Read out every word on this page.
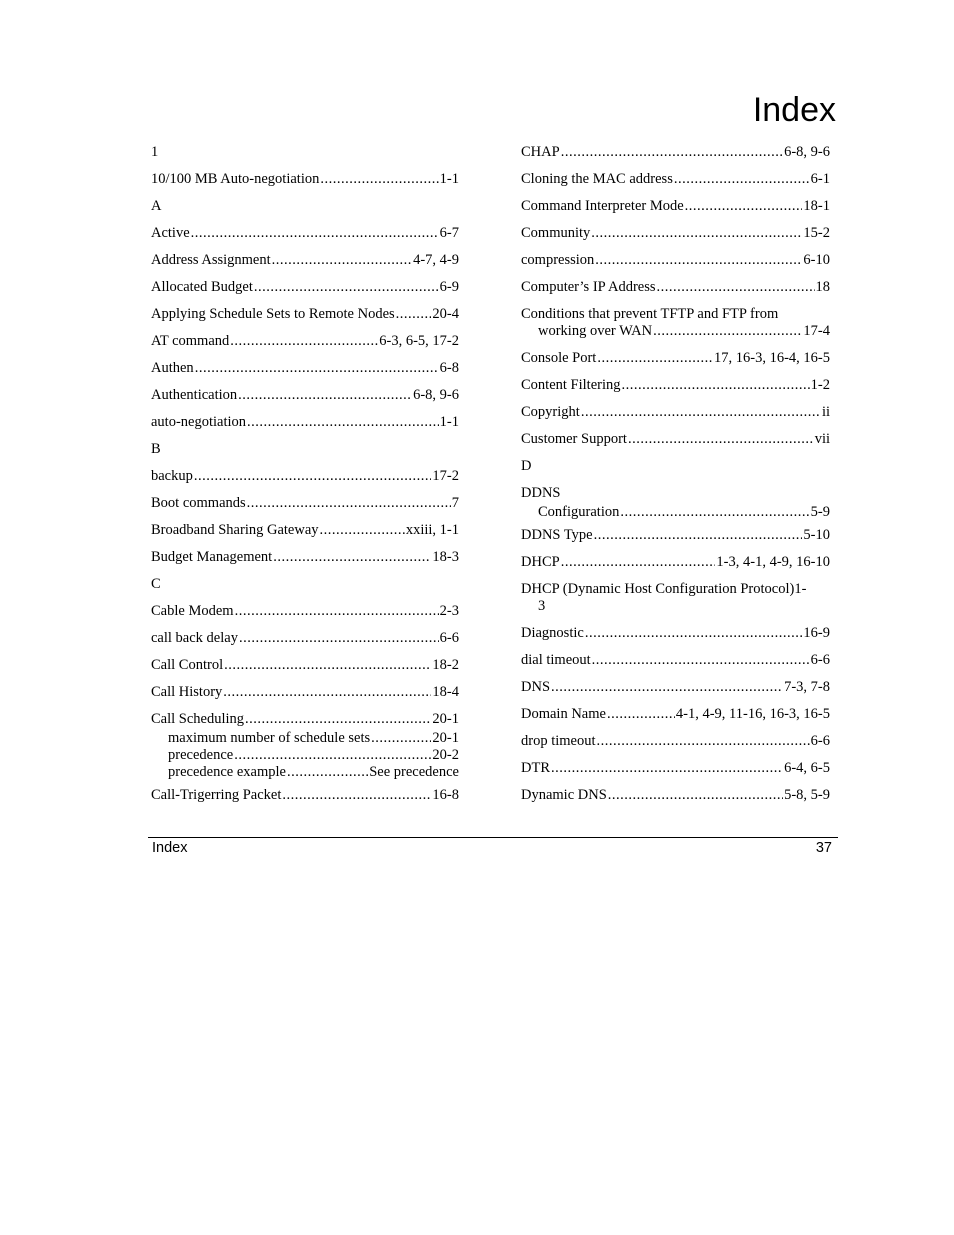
Index
1
10/100 MB Auto-negotiation .....	1-1
A
Active .....	6-7
Address Assignment .....	4-7, 4-9
Allocated Budget .....	6-9
Applying Schedule Sets to Remote Nodes .....	20-4
AT command .....	6-3, 6-5, 17-2
Authen .....	6-8
Authentication .....	6-8, 9-6
auto-negotiation .....	1-1
B
backup .....	17-2
Boot commands .....	7
Broadband Sharing Gateway .....	xxiii, 1-1
Budget Management .....	18-3
C
Cable Modem .....	2-3
call back delay .....	6-6
Call Control .....	18-2
Call History .....	18-4
Call Scheduling .....	20-1
maximum number of schedule sets .....	20-1
precedence .....	20-2
precedence example .....	See precedence
Call-Trigerring Packet .....	16-8
CHAP .....	6-8, 9-6
Cloning the MAC address .....	6-1
Command Interpreter Mode .....	18-1
Community .....	15-2
compression .....	6-10
Computer’s IP Address .....	18
Conditions that prevent TFTP and FTP from
working over WAN .....	17-4
Console Port .....	17, 16-3, 16-4, 16-5
Content Filtering .....	1-2
Copyright .....	ii
Customer Support .....	vii
D
DDNS
Configuration .....	5-9
DDNS Type .....	5-10
DHCP .....	1-3, 4-1, 4-9, 16-10
DHCP (Dynamic Host Configuration Protocol)1-
3
Diagnostic .....	16-9
dial timeout .....	6-6
DNS .....	7-3, 7-8
Domain Name .....	4-1, 4-9, 11-16, 16-3, 16-5
drop timeout .....	6-6
DTR .....	6-4, 6-5
Dynamic DNS .....	5-8, 5-9
Index	37
